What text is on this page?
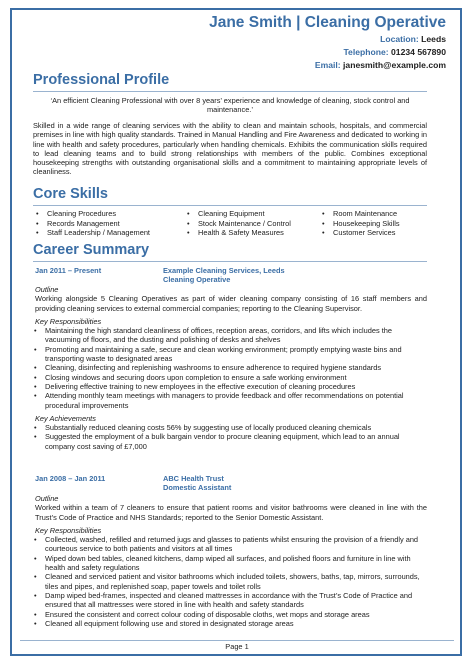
Jane Smith | Cleaning Operative
Location: Leeds
Telephone: 01234 567890
Email: janesmith@example.com
Professional Profile
‘An efficient Cleaning Professional with over 8 years’ experience and knowledge of cleaning, stock control and maintenance.’
Skilled in a wide range of cleaning services with the ability to clean and maintain schools, hospitals, and commercial premises in line with high quality standards. Trained in Manual Handling and Fire Awareness and dedicated to working in line with health and safety procedures, particularly when handling chemicals. Exhibits the communication skills required to lead cleaning teams and to build strong relationships with members of the public. Combines exceptional housekeeping strengths with outstanding organisational skills and a commitment to maintaining appropriate levels of cleanliness.
Core Skills
• Cleaning Procedures
• Records Management
• Staff Leadership / Management
• Cleaning Equipment
• Stock Maintenance / Control
• Health & Safety Measures
• Room Maintenance
• Housekeeping Skills
• Customer Services
Career Summary
Jan 2011 – Present	Example Cleaning Services, Leeds
Cleaning Operative
Outline
Working alongside 5 Cleaning Operatives as part of wider cleaning company consisting of 16 staff members and providing cleaning services to external commercial companies; reporting to the Cleaning Supervisor.
Key Responsibilities
• Maintaining the high standard cleanliness of offices, reception areas, corridors, and lifts which includes the vacuuming of floors, and the dusting and polishing of desks and shelves
• Promoting and maintaining a safe, secure and clean working environment; promptly emptying waste bins and transporting waste to designated areas
• Cleaning, disinfecting and replenishing washrooms to ensure adherence to required hygiene standards
• Closing windows and securing doors upon completion to ensure a safe working environment
• Delivering effective training to new employees in the effective execution of cleaning procedures
• Attending monthly team meetings with managers to provide feedback and offer recommendations on potential procedural improvements
Key Achievements
• Substantially reduced cleaning costs 56% by suggesting use of locally produced cleaning chemicals
• Suggested the employment of a bulk bargain vendor to procure cleaning equipment, which lead to an annual company cost saving of £7,000
Jan 2008 – Jan 2011	ABC Health Trust
Domestic Assistant
Outline
Worked within a team of 7 cleaners to ensure that patient rooms and visitor bathrooms were cleaned in line with the Trust’s Code of Practice and NHS Standards; reported to the Senior Domestic Assistant.
Key Responsibilities
• Collected, washed, refilled and returned jugs and glasses to patients whilst ensuring the provision of a friendly and courteous service to both patients and visitors at all times
• Wiped down bed tables, cleaned kitchens, damp wiped all surfaces, and polished floors and furniture in line with health and safety regulations
• Cleaned and serviced patient and visitor bathrooms which included toilets, showers, baths, tap, mirrors, surrounds, tiles and pipes, and replenished soap, paper towels and toilet rolls
• Damp wiped bed-frames, inspected and cleaned mattresses in accordance with the Trust’s Code of Practice and ensured that all mattresses were stored in line with health and safety standards
• Ensured the consistent and correct colour coding of disposable cloths, wet mops and storage areas
• Cleaned all equipment following use and stored in designated storage areas
Page 1
